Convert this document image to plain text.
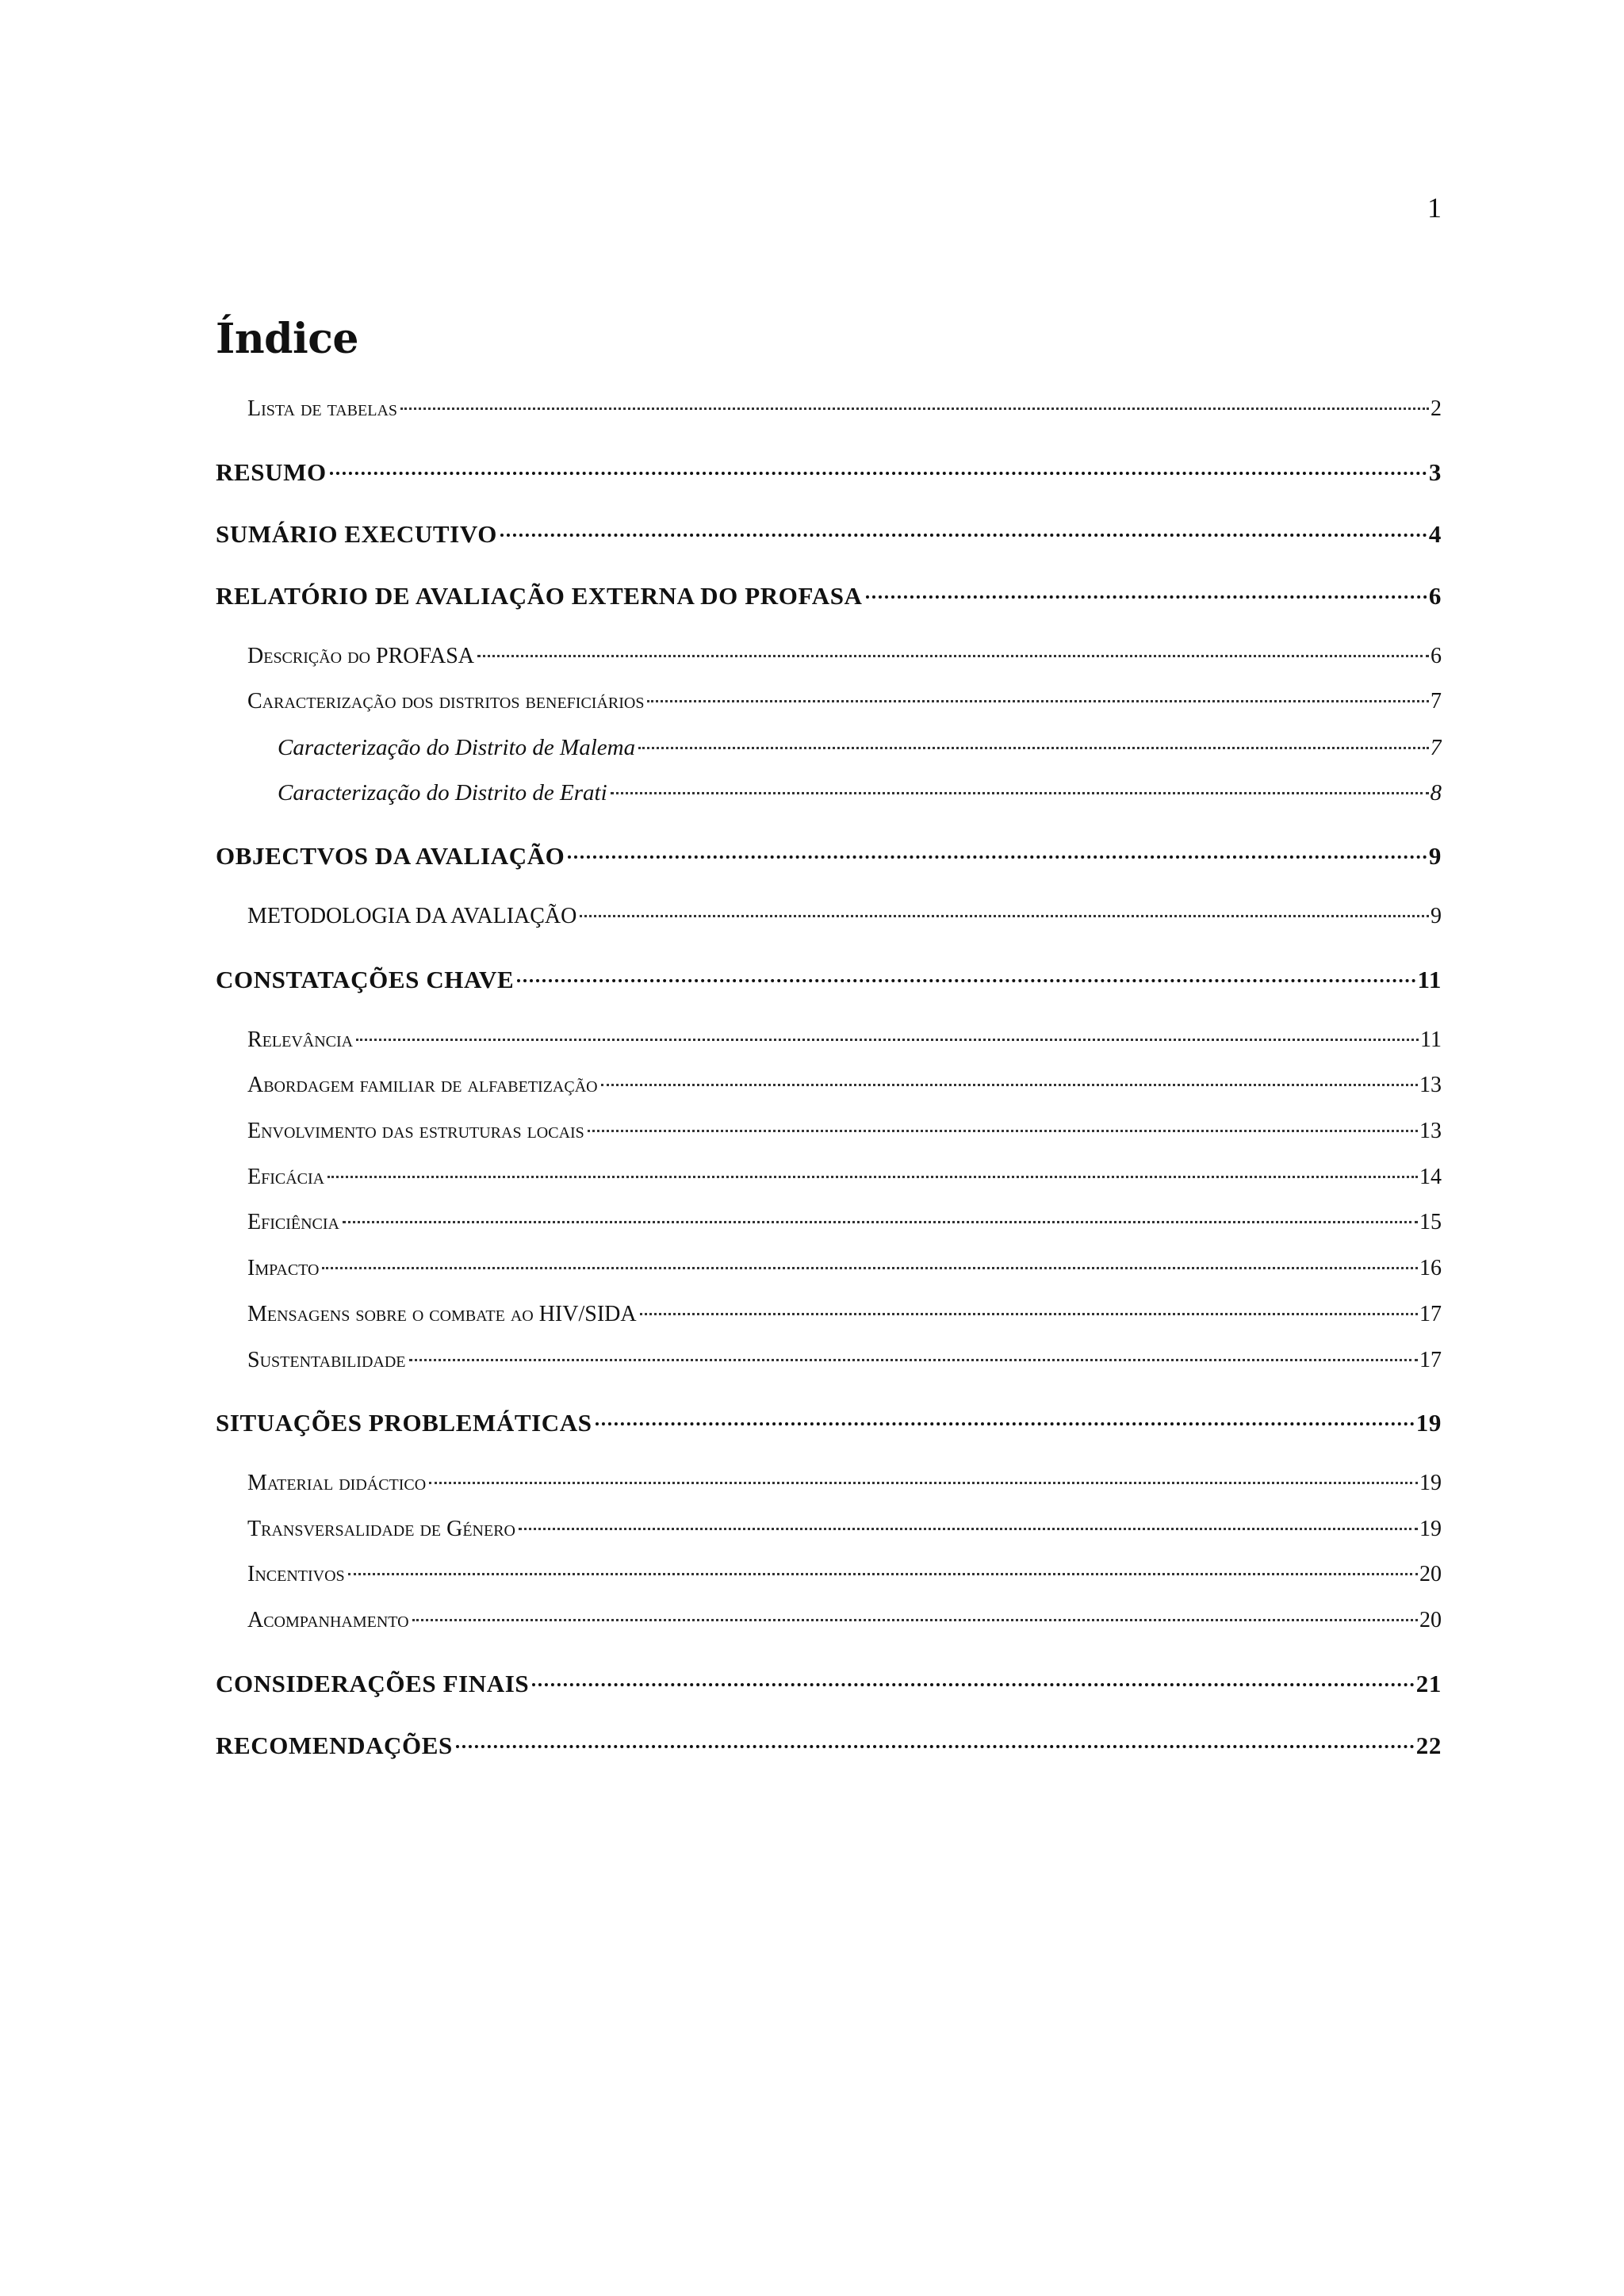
1
Índice
Lista de tabelas	2
RESUMO	3
SUMÁRIO EXECUTIVO	4
RELATÓRIO DE AVALIAÇÃO EXTERNA DO PROFASA	6
Descrição do PROFASA	6
Caracterização dos distritos beneficiários	7
Caracterização do Distrito de Malema	7
Caracterização do Distrito de Erati	8
OBJECTVOS DA AVALIAÇÃO	9
METODOLOGIA DA AVALIAÇÃO	9
CONSTATAÇÕES CHAVE	11
Relevância	11
Abordagem familiar de alfabetização	13
Envolvimento das estruturas locais	13
Eficácia	14
Eficiência	15
Impacto	16
Mensagens sobre o combate ao HIV/SIDA	17
Sustentabilidade	17
SITUAÇÕES PROBLEMÁTICAS	19
Material didáctico	19
Transversalidade de Género	19
Incentivos	20
Acompanhamento	20
CONSIDERAÇÕES FINAIS	21
RECOMENDAÇÕES	22
